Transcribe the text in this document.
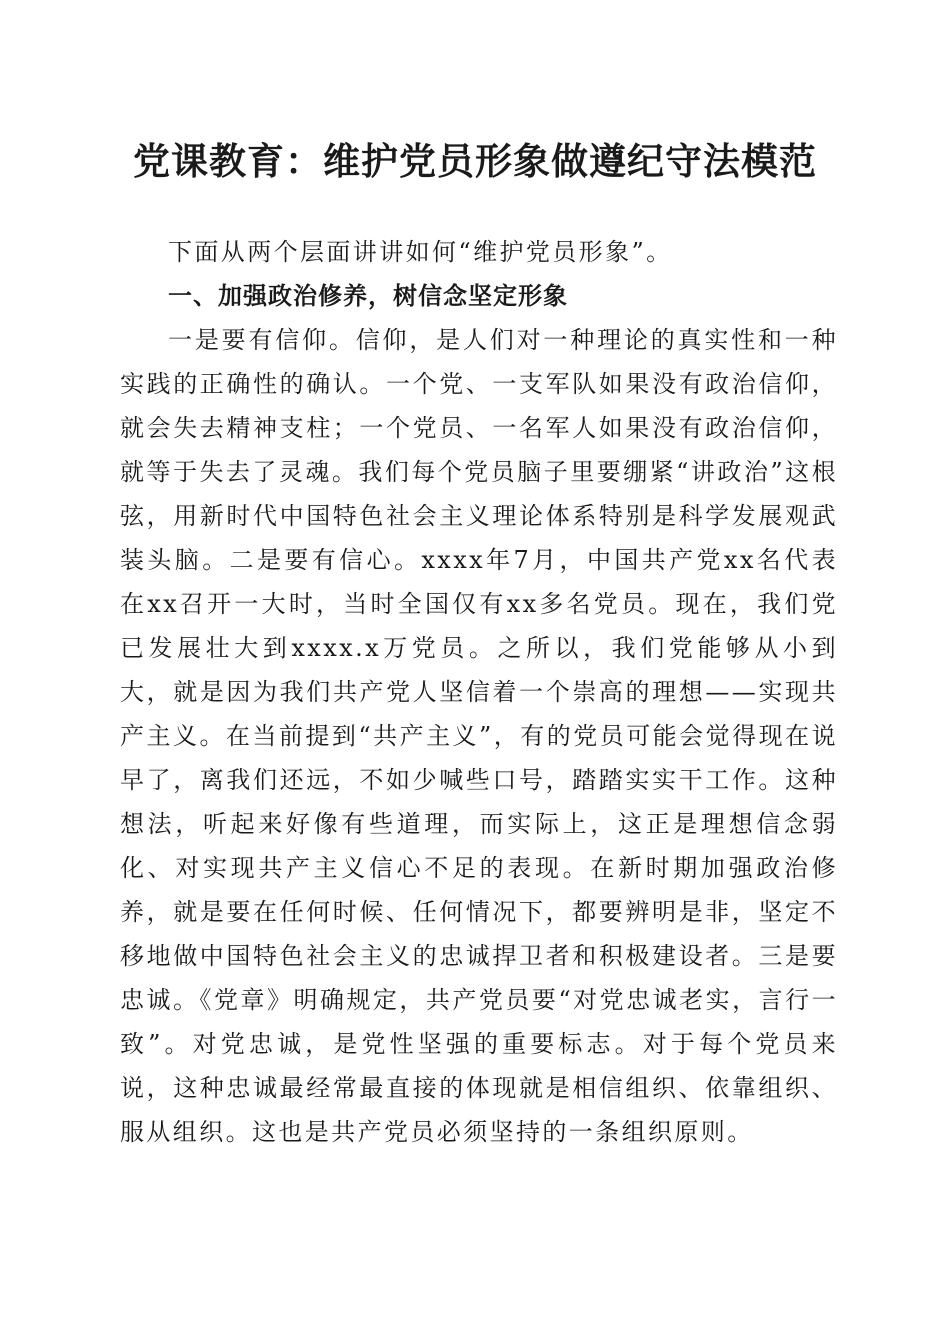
党课教育：维护党员形象做遵纪守法模范

下面从两个层面讲讲如何“维护党员形象”。

一、加强政治修养，树信念坚定形象

一是要有信仰。信仰，是人们对一种理论的真实性和一种实践的正确性的确认。一个党、一支军队如果没有政治信仰，就会失去精神支柱；一个党员、一名军人如果没有政治信仰，就等于失去了灵魂。我们每个党员脑子里要绷紧“讲政治”这根弦，用新时代中国特色社会主义理论体系特别是科学发展观武装头脑。二是要有信心。xxxx年7月，中国共产党xx名代表在xx召开一大时，当时全国仅有xx多名党员。现在，我们党已发展壮大到xxxx.x万党员。之所以，我们党能够从小到大，就是因为我们共产党人坚信着一个崇高的理想——实现共产主义。在当前提到“共产主义”，有的党员可能会觉得现在说早了，离我们还远，不如少喊些口号，踏踏实实干工作。这种想法，听起来好像有些道理，而实际上，这正是理想信念弱化、对实现共产主义信心不足的表现。在新时期加强政治修养，就是要在任何时候、任何情况下，都要辨明是非，坚定不移地做中国特色社会主义的忠诚捍卫者和积极建设者。三是要忠诚。《党章》明确规定，共产党员要“对党忠诚老实，言行一致”。对党忠诚，是党性坚强的重要标志。对于每个党员来说，这种忠诚最经常最直接的体现就是相信组织、依靠组织、服从组织。这也是共产党员必须坚持的一条组织原则。
